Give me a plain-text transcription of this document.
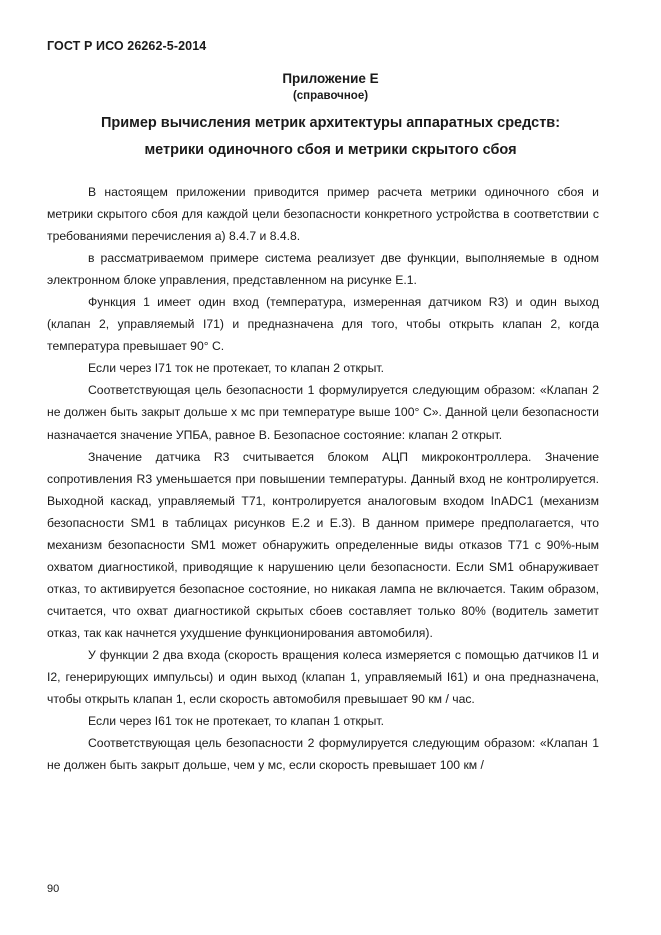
ГОСТ Р ИСО 26262-5-2014
Приложение Е
(справочное)
Пример вычисления метрик архитектуры аппаратных средств:
метрики одиночного сбоя и метрики скрытого сбоя

В настоящем приложении приводится пример расчета метрики одиночного сбоя и метрики скрытого сбоя для каждой цели безопасности конкретного устройства в соответствии с требованиями перечисления а) 8.4.7 и 8.4.8.

в рассматриваемом примере система реализует две функции, выполняемые в одном электронном блоке управления, представленном на рисунке Е.1.

Функция 1 имеет один вход (температура, измеренная датчиком R3) и один выход (клапан 2, управляемый I71) и предназначена для того, чтобы открыть клапан 2, когда температура превышает 90° С.

Если через I71 ток не протекает, то клапан 2 открыт.

Соответствующая цель безопасности 1 формулируется следующим образом: «Клапан 2 не должен быть закрыт дольше x мс при температуре выше 100° С». Данной цели безопасности назначается значение УПБА, равное В. Безопасное состояние: клапан 2 открыт.

Значение датчика R3 считывается блоком АЦП микроконтроллера. Значение сопротивления R3 уменьшается при повышении температуры. Данный вход не контролируется. Выходной каскад, управляемый Т71, контролируется аналоговым входом InADC1 (механизм безопасности SM1 в таблицах рисунков Е.2 и Е.3). В данном примере предполагается, что механизм безопасности SM1 может обнаружить определенные виды отказов Т71 с 90%-ным охватом диагностикой, приводящие к нарушению цели безопасности. Если SM1 обнаруживает отказ, то активируется безопасное состояние, но никакая лампа не включается. Таким образом, считается, что охват диагностикой скрытых сбоев составляет только 80% (водитель заметит отказ, так как начнется ухудшение функционирования автомобиля).

У функции 2 два входа (скорость вращения колеса измеряется с помощью датчиков I1 и I2, генерирующих импульсы) и один выход (клапан 1, управляемый I61) и она предназначена, чтобы открыть клапан 1, если скорость автомобиля превышает 90 км / час.

Если через I61 ток не протекает, то клапан 1 открыт.

Соответствующая цель безопасности 2 формулируется следующим образом: «Клапан 1 не должен быть закрыт дольше, чем y мс, если скорость превышает 100 км /

90
